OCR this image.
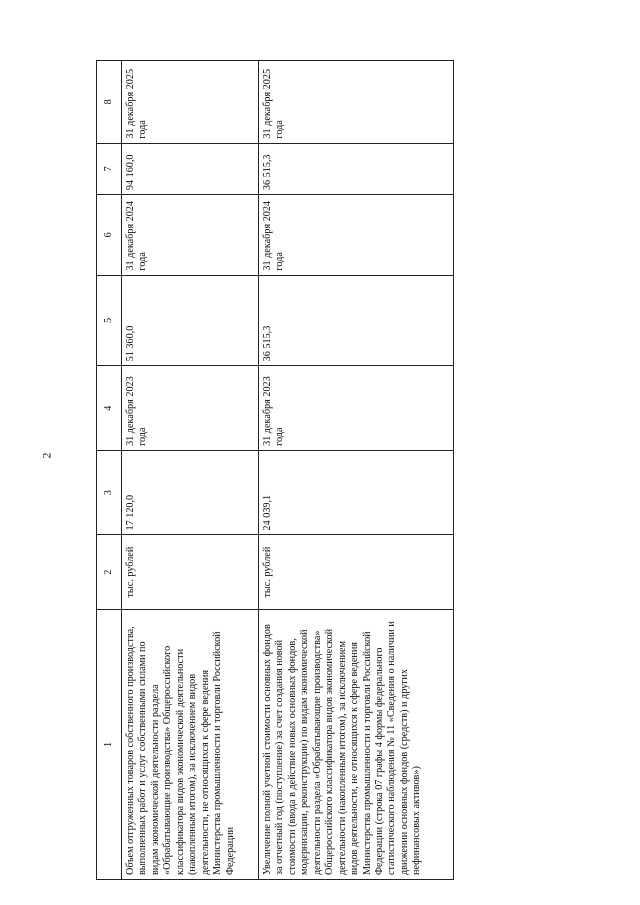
2
1	2	3	4	5	6	7	8
Объем отгруженных товаров собственного производства, выполненных работ и услуг собственными силами по видам экономической деятельности раздела «Обрабатывающие производства» Общероссийского классификатора видов экономической деятельности (накопленным итогом), за исключением видов деятельности, не относящихся к сфере ведения Министерства промышленности и торговли Российской Федерации	тыс. рублей	17 120,0	31 декабря 2023 года	51 360,0	31 декабря 2024 года	94 160,0	31 декабря 2025 года
Увеличение полной учетной стоимости основных фондов за отчетный год (поступление) за счет создания новой стоимости (ввода в действие новых основных фондов, модернизации, реконструкции) по видам экономической деятельности раздела «Обрабатывающие производства» Общероссийского классификатора видов экономической деятельности (накопленным итогом), за исключением видов деятельности, не относящихся к сфере ведения Министерства промышленности и торговли Российской Федерации (строка 07 графы 4 формы федерального статистического наблюдения № 11 «Сведения о наличии и движении основных фондов (средств) и других нефинансовых активов»)	тыс. рублей	24 039,1	31 декабря 2023 года	36 515,3	31 декабря 2024 года	36 515,3	31 декабря 2025 года
